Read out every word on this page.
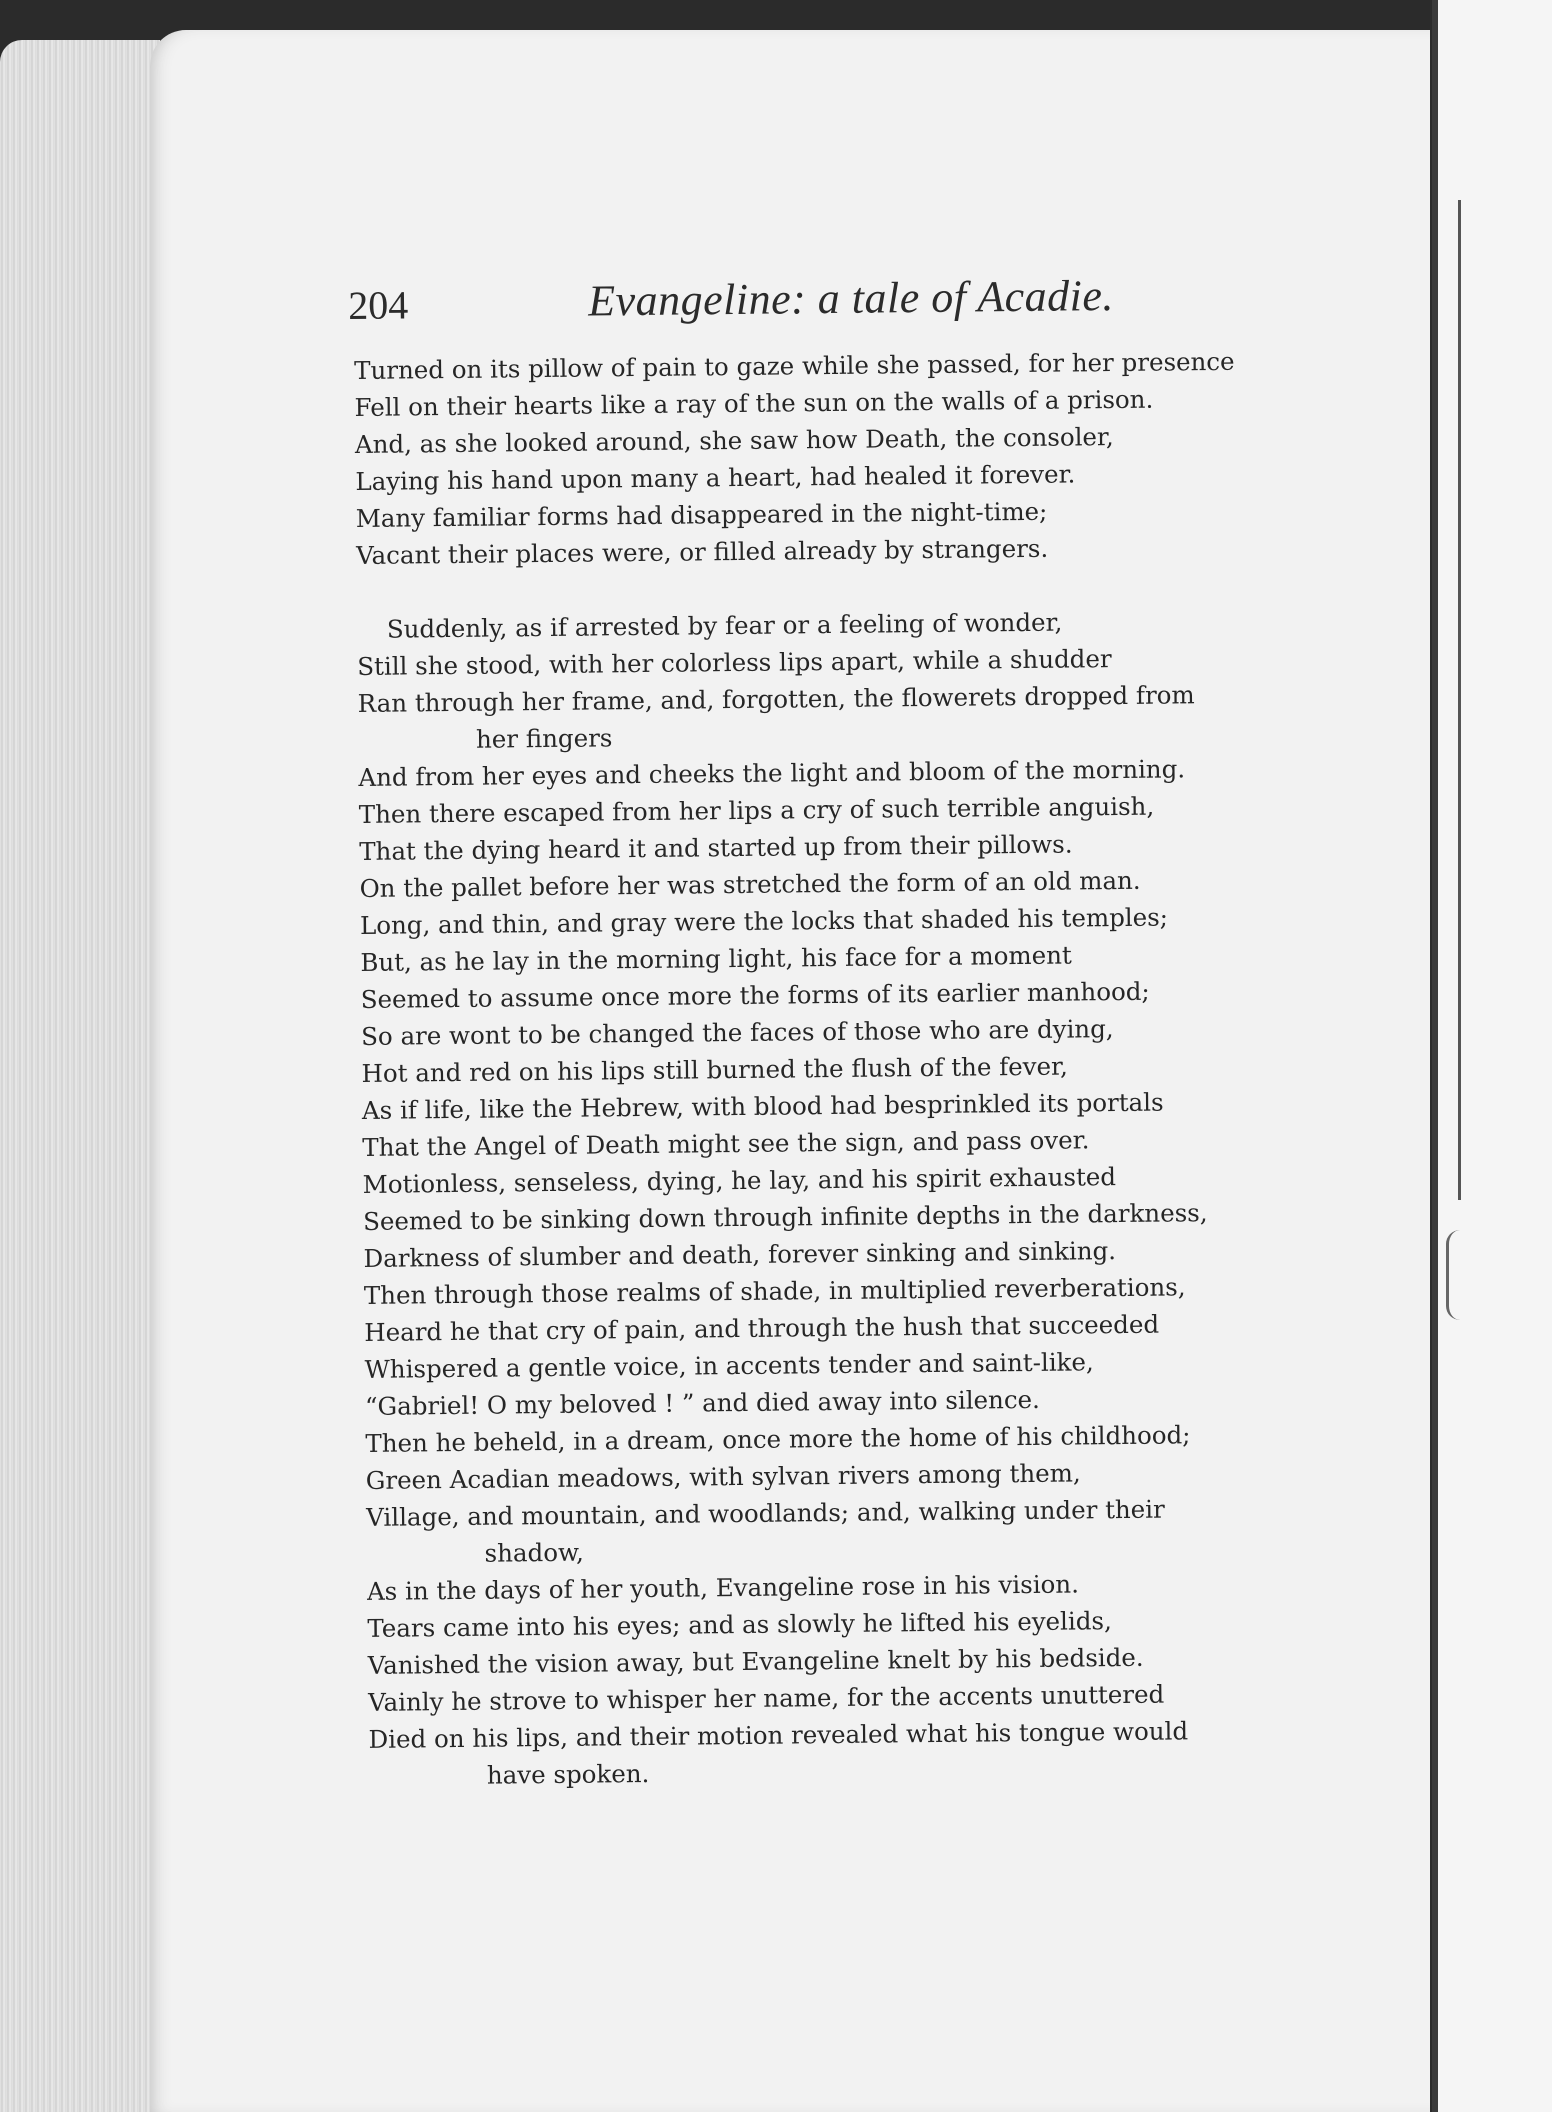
204	Evangeline: a tale of Acadie.
Turned on its pillow of pain to gaze while she passed, for her presence
Fell on their hearts like a ray of the sun on the walls of a prison.
And, as she looked around, she saw how Death, the consoler,
Laying his hand upon many a heart, had healed it forever.
Many familiar forms had disappeared in the night-time;
Vacant their places were, or filled already by strangers.
Suddenly, as if arrested by fear or a feeling of wonder,
Still she stood, with her colorless lips apart, while a shudder
Ran through her frame, and, forgotten, the flowerets dropped from
her fingers
And from her eyes and cheeks the light and bloom of the morning.
Then there escaped from her lips a cry of such terrible anguish,
That the dying heard it and started up from their pillows.
On the pallet before her was stretched the form of an old man.
Long, and thin, and gray were the locks that shaded his temples;
But, as he lay in the morning light, his face for a moment
Seemed to assume once more the forms of its earlier manhood;
So are wont to be changed the faces of those who are dying,
Hot and red on his lips still burned the flush of the fever,
As if life, like the Hebrew, with blood had besprinkled its portals
That the Angel of Death might see the sign, and pass over.
Motionless, senseless, dying, he lay, and his spirit exhausted
Seemed to be sinking down through infinite depths in the darkness,
Darkness of slumber and death, forever sinking and sinking.
Then through those realms of shade, in multiplied reverberations,
Heard he that cry of pain, and through the hush that succeeded
Whispered a gentle voice, in accents tender and saint-like,
“Gabriel! O my beloved ! ” and died away into silence.
Then he beheld, in a dream, once more the home of his childhood;
Green Acadian meadows, with sylvan rivers among them,
Village, and mountain, and woodlands; and, walking under their
shadow,
As in the days of her youth, Evangeline rose in his vision.
Tears came into his eyes; and as slowly he lifted his eyelids,
Vanished the vision away, but Evangeline knelt by his bedside.
Vainly he strove to whisper her name, for the accents unuttered
Died on his lips, and their motion revealed what his tongue would
have spoken.
